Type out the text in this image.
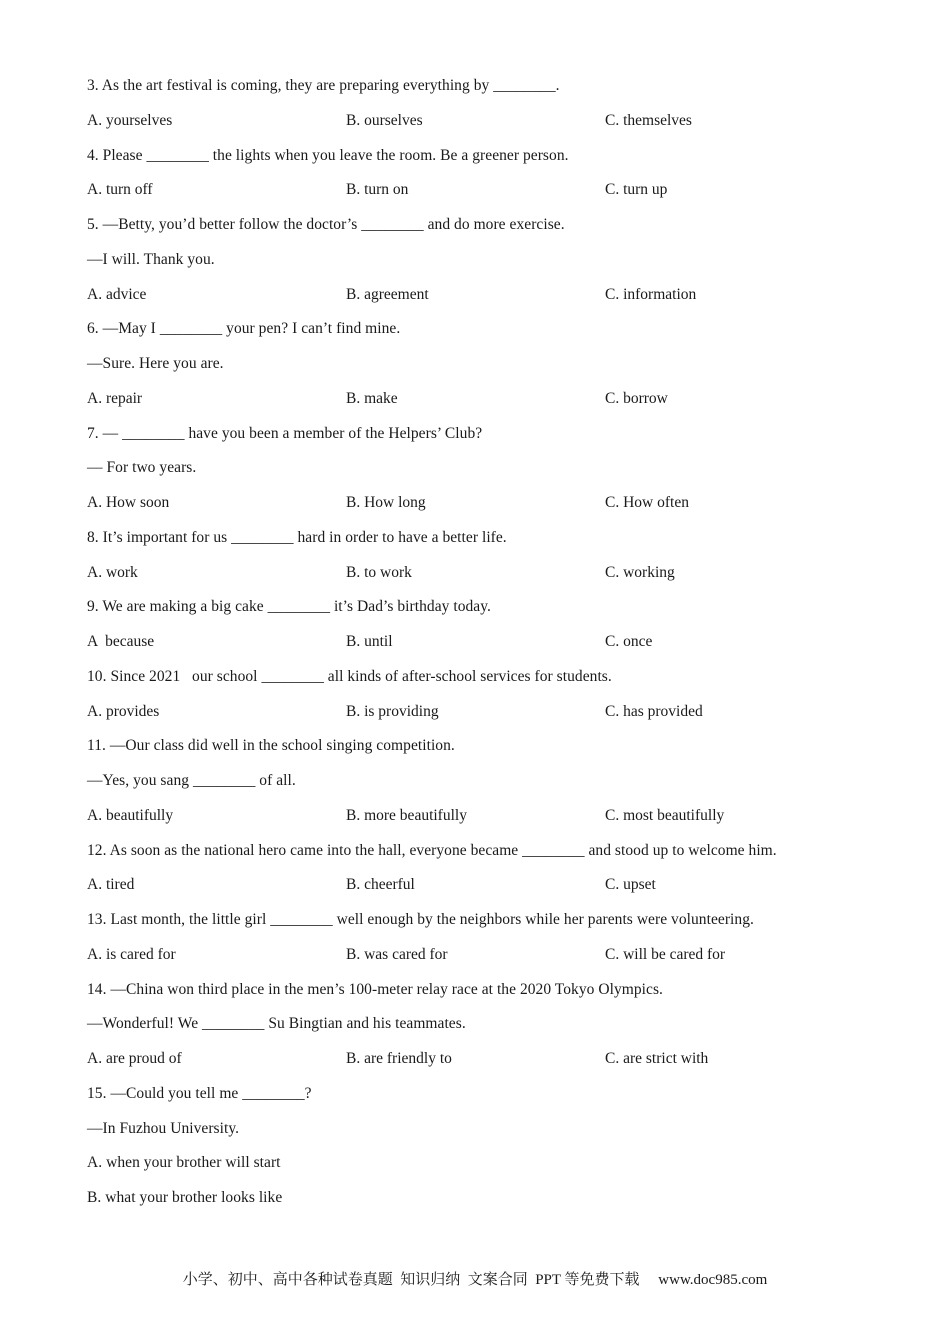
3. As the art festival is coming, they are preparing everything by ________.
A. yourselves	B. ourselves	C. themselves
4. Please ________ the lights when you leave the room. Be a greener person.
A. turn off	B. turn on	C. turn up
5. —Betty, you’d better follow the doctor’s ________ and do more exercise.
—I will. Thank you.
A. advice	B. agreement	C. information
6. —May I ________ your pen? I can’t find mine.
—Sure. Here you are.
A. repair	B. make	C. borrow
7. — ________ have you been a member of the Helpers’ Club?
— For two years.
A. How soon	B. How long	C. How often
8. It’s important for us ________ hard in order to have a better life.
A. work	B. to work	C. working
9. We are making a big cake ________ it’s Dad’s birthday today.
A  because	B. until	C. once
10. Since 2021   our school ________ all kinds of after-school services for students.
A. provides	B. is providing	C. has provided
11. —Our class did well in the school singing competition.
—Yes, you sang ________ of all.
A. beautifully	B. more beautifully	C. most beautifully
12. As soon as the national hero came into the hall, everyone became ________ and stood up to welcome him.
A. tired	B. cheerful	C. upset
13. Last month, the little girl ________ well enough by the neighbors while her parents were volunteering.
A. is cared for	B. was cared for	C. will be cared for
14. —China won third place in the men’s 100-meter relay race at the 2020 Tokyo Olympics.
—Wonderful! We ________ Su Bingtian and his teammates.
A. are proud of	B. are friendly to	C. are strict with
15. —Could you tell me ________?
—In Fuzhou University.
A. when your brother will start
B. what your brother looks like
小学、初中、高中各种试卷真题  知识归纳  文案合同  PPT 等免费下载     www.doc985.com
